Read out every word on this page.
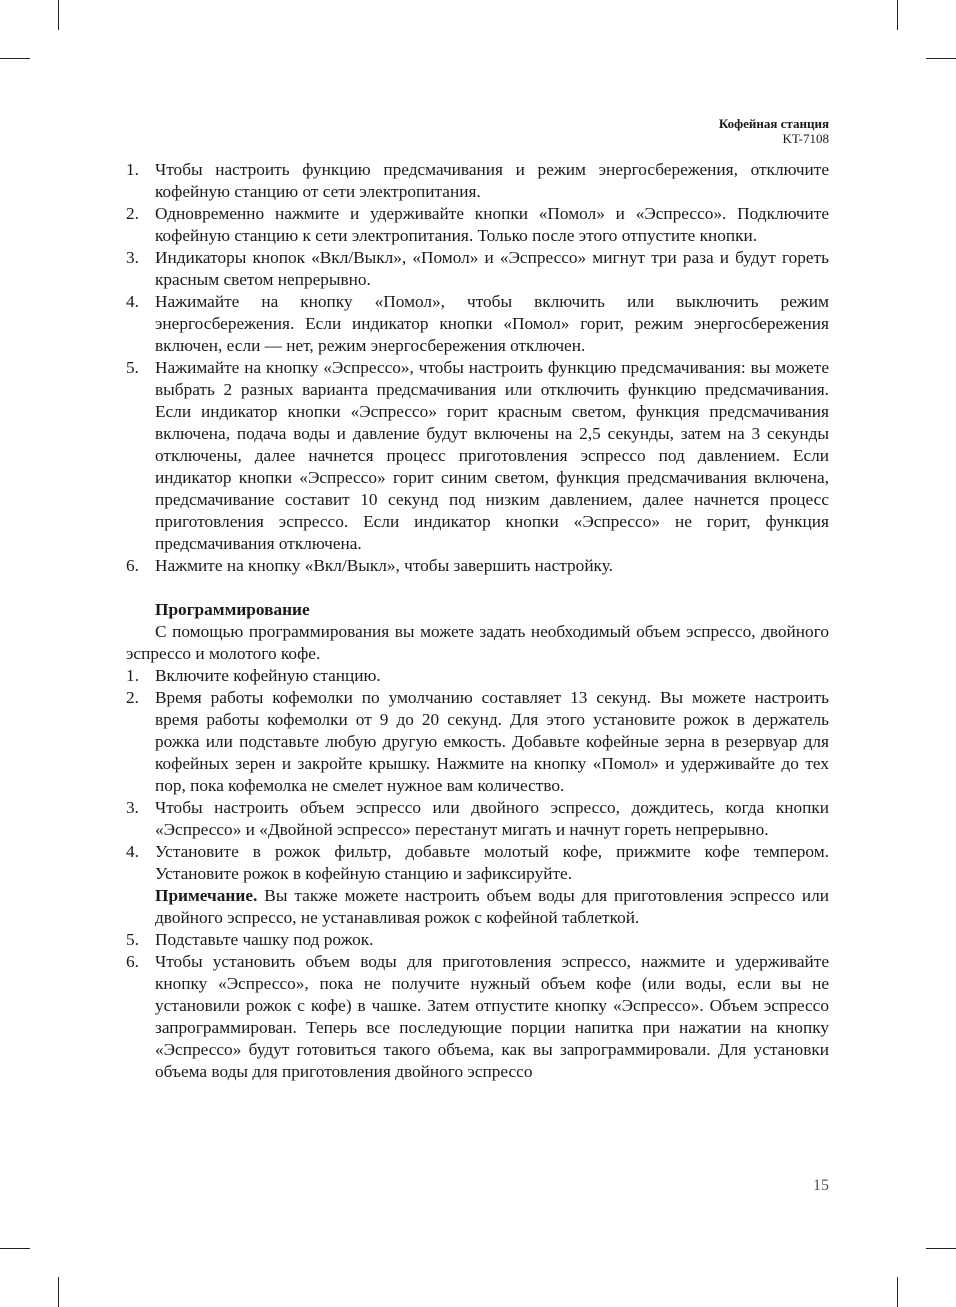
Кофейная станция
KT-7108
1. Чтобы настроить функцию предсмачивания и режим энергосбережения, отключите кофейную станцию от сети электропитания.
2. Одновременно нажмите и удерживайте кнопки «Помол» и «Эспрессо». Подключите кофейную станцию к сети электропитания. Только после этого отпустите кнопки.
3. Индикаторы кнопок «Вкл/Выкл», «Помол» и «Эспрессо» мигнут три раза и будут гореть красным светом непрерывно.
4. Нажимайте на кнопку «Помол», чтобы включить или выключить режим энергосбережения. Если индикатор кнопки «Помол» горит, режим энергосбережения включен, если — нет, режим энергосбережения отключен.
5. Нажимайте на кнопку «Эспрессо», чтобы настроить функцию предсмачивания: вы можете выбрать 2 разных варианта предсмачивания или отключить функцию предсмачивания. Если индикатор кнопки «Эспрессо» горит красным светом, функция предсмачивания включена, подача воды и давление будут включены на 2,5 секунды, затем на 3 секунды отключены, далее начнется процесс приготовления эспрессо под давлением. Если индикатор кнопки «Эспрессо» горит синим светом, функция предсмачивания включена, предсмачивание составит 10 секунд под низким давлением, далее начнется процесс приготовления эспрессо. Если индикатор кнопки «Эспрессо» не горит, функция предсмачивания отключена.
6. Нажмите на кнопку «Вкл/Выкл», чтобы завершить настройку.

Программирование

С помощью программирования вы можете задать необходимый объем эспрессо, двойного эспрессо и молотого кофе.

1. Включите кофейную станцию.
2. Время работы кофемолки по умолчанию составляет 13 секунд. Вы можете настроить время работы кофемолки от 9 до 20 секунд. Для этого установите рожок в держатель рожка или подставьте любую другую емкость. Добавьте кофейные зерна в резервуар для кофейных зерен и закройте крышку. Нажмите на кнопку «Помол» и удерживайте до тех пор, пока кофемолка не смелет нужное вам количество.
3. Чтобы настроить объем эспрессо или двойного эспрессо, дождитесь, когда кнопки «Эспрессо» и «Двойной эспрессо» перестанут мигать и начнут гореть непрерывно.
4. Установите в рожок фильтр, добавьте молотый кофе, прижмите кофе темпером. Установите рожок в кофейную станцию и зафиксируйте.

Примечание. Вы также можете настроить объем воды для приготовления эспрессо или двойного эспрессо, не устанавливая рожок с кофейной таблеткой.

5. Подставьте чашку под рожок.
6. Чтобы установить объем воды для приготовления эспрессо, нажмите и удерживайте кнопку «Эспрессо», пока не получите нужный объем кофе (или воды, если вы не установили рожок с кофе) в чашке. Затем отпустите кнопку «Эспрессо». Объем эспрессо запрограммирован. Теперь все последующие порции напитка при нажатии на кнопку «Эспрессо» будут готовиться такого объема, как вы запрограммировали. Для установки объема воды для приготовления двойного эспрессо
15
